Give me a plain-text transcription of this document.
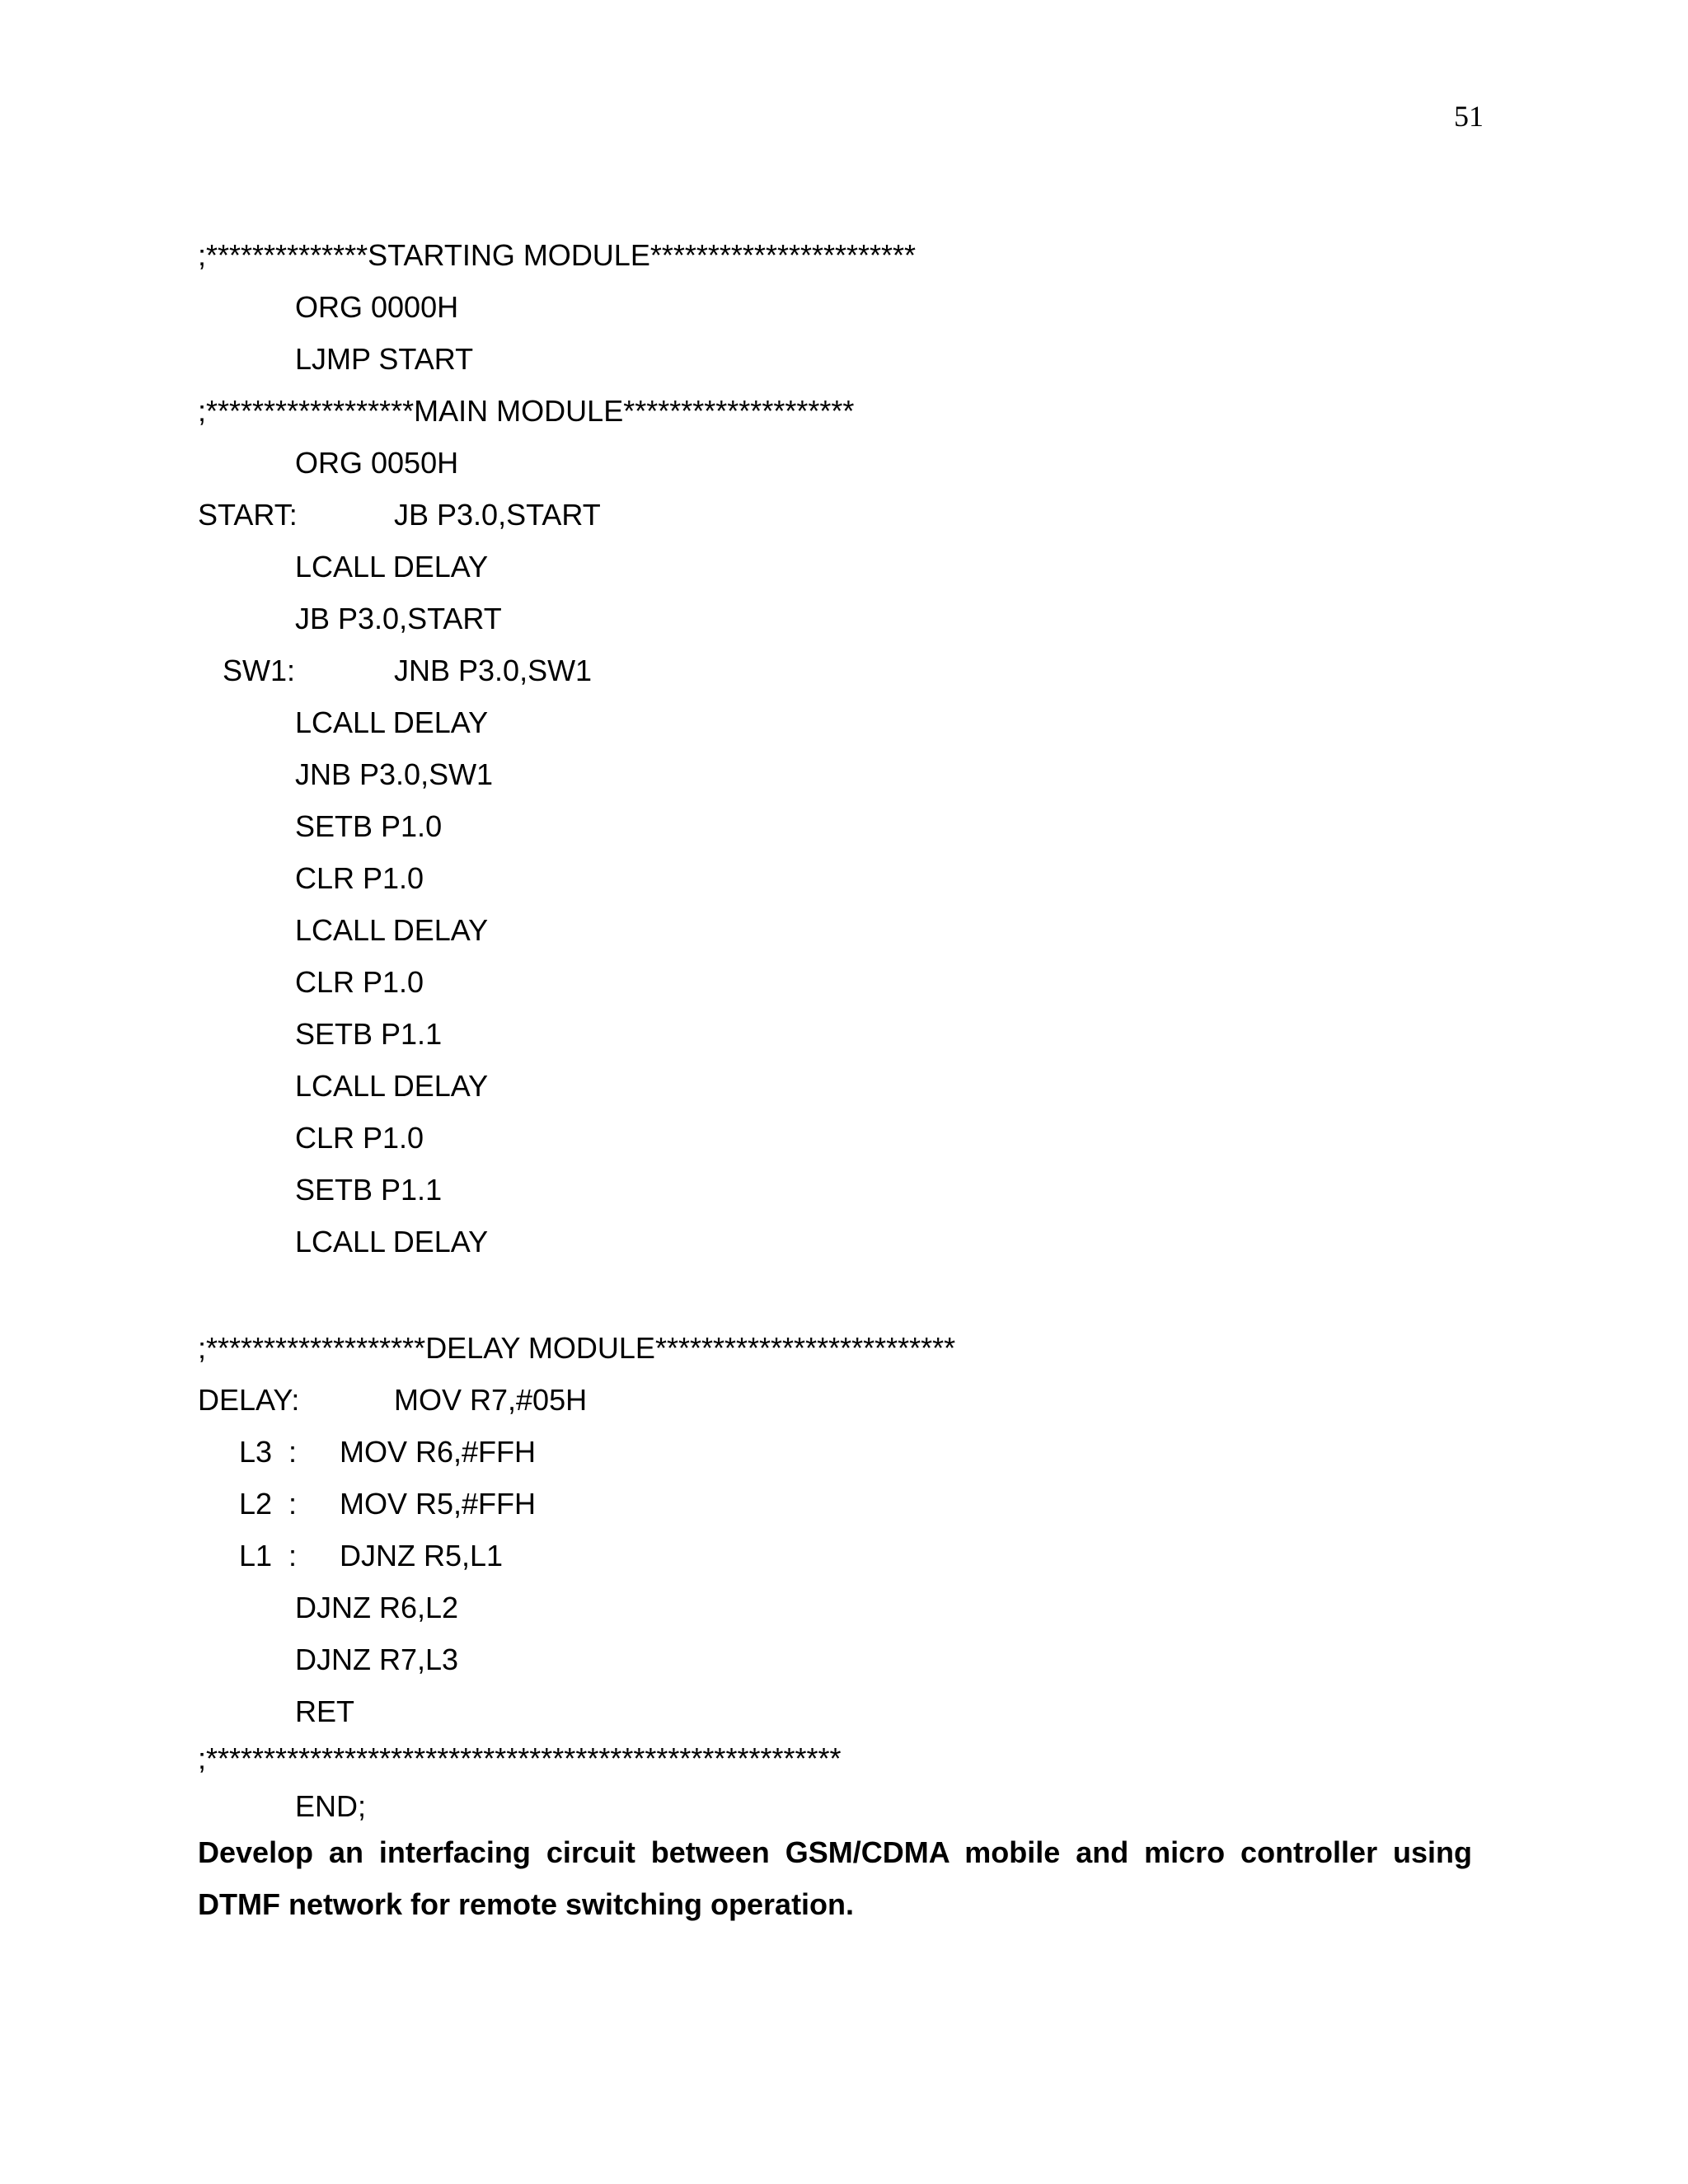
51

;**************STARTING MODULE***********************

ORG 0000H

LJMP START

;******************MAIN MODULE********************

ORG 0050H

START:

	JB P3.0,START

LCALL DELAY

JB P3.0,START

SW1:

	JNB P3.0,SW1

LCALL DELAY

JNB P3.0,SW1

SETB P1.0

CLR P1.0

LCALL DELAY

CLR P1.0

SETB P1.1

LCALL DELAY

CLR P1.0

SETB P1.1

LCALL DELAY

;*******************DELAY MODULE**************************

DELAY:

	MOV R7,#05H

L3

:

MOV R6,#FFH

L2

:

MOV R5,#FFH

L1

:

DJNZ R5,L1

DJNZ R6,L2

DJNZ R7,L3

RET

;*******************************************************

END;

Develop an interfacing circuit between GSM/CDMA mobile and micro controller using DTMF network for remote switching operation.
